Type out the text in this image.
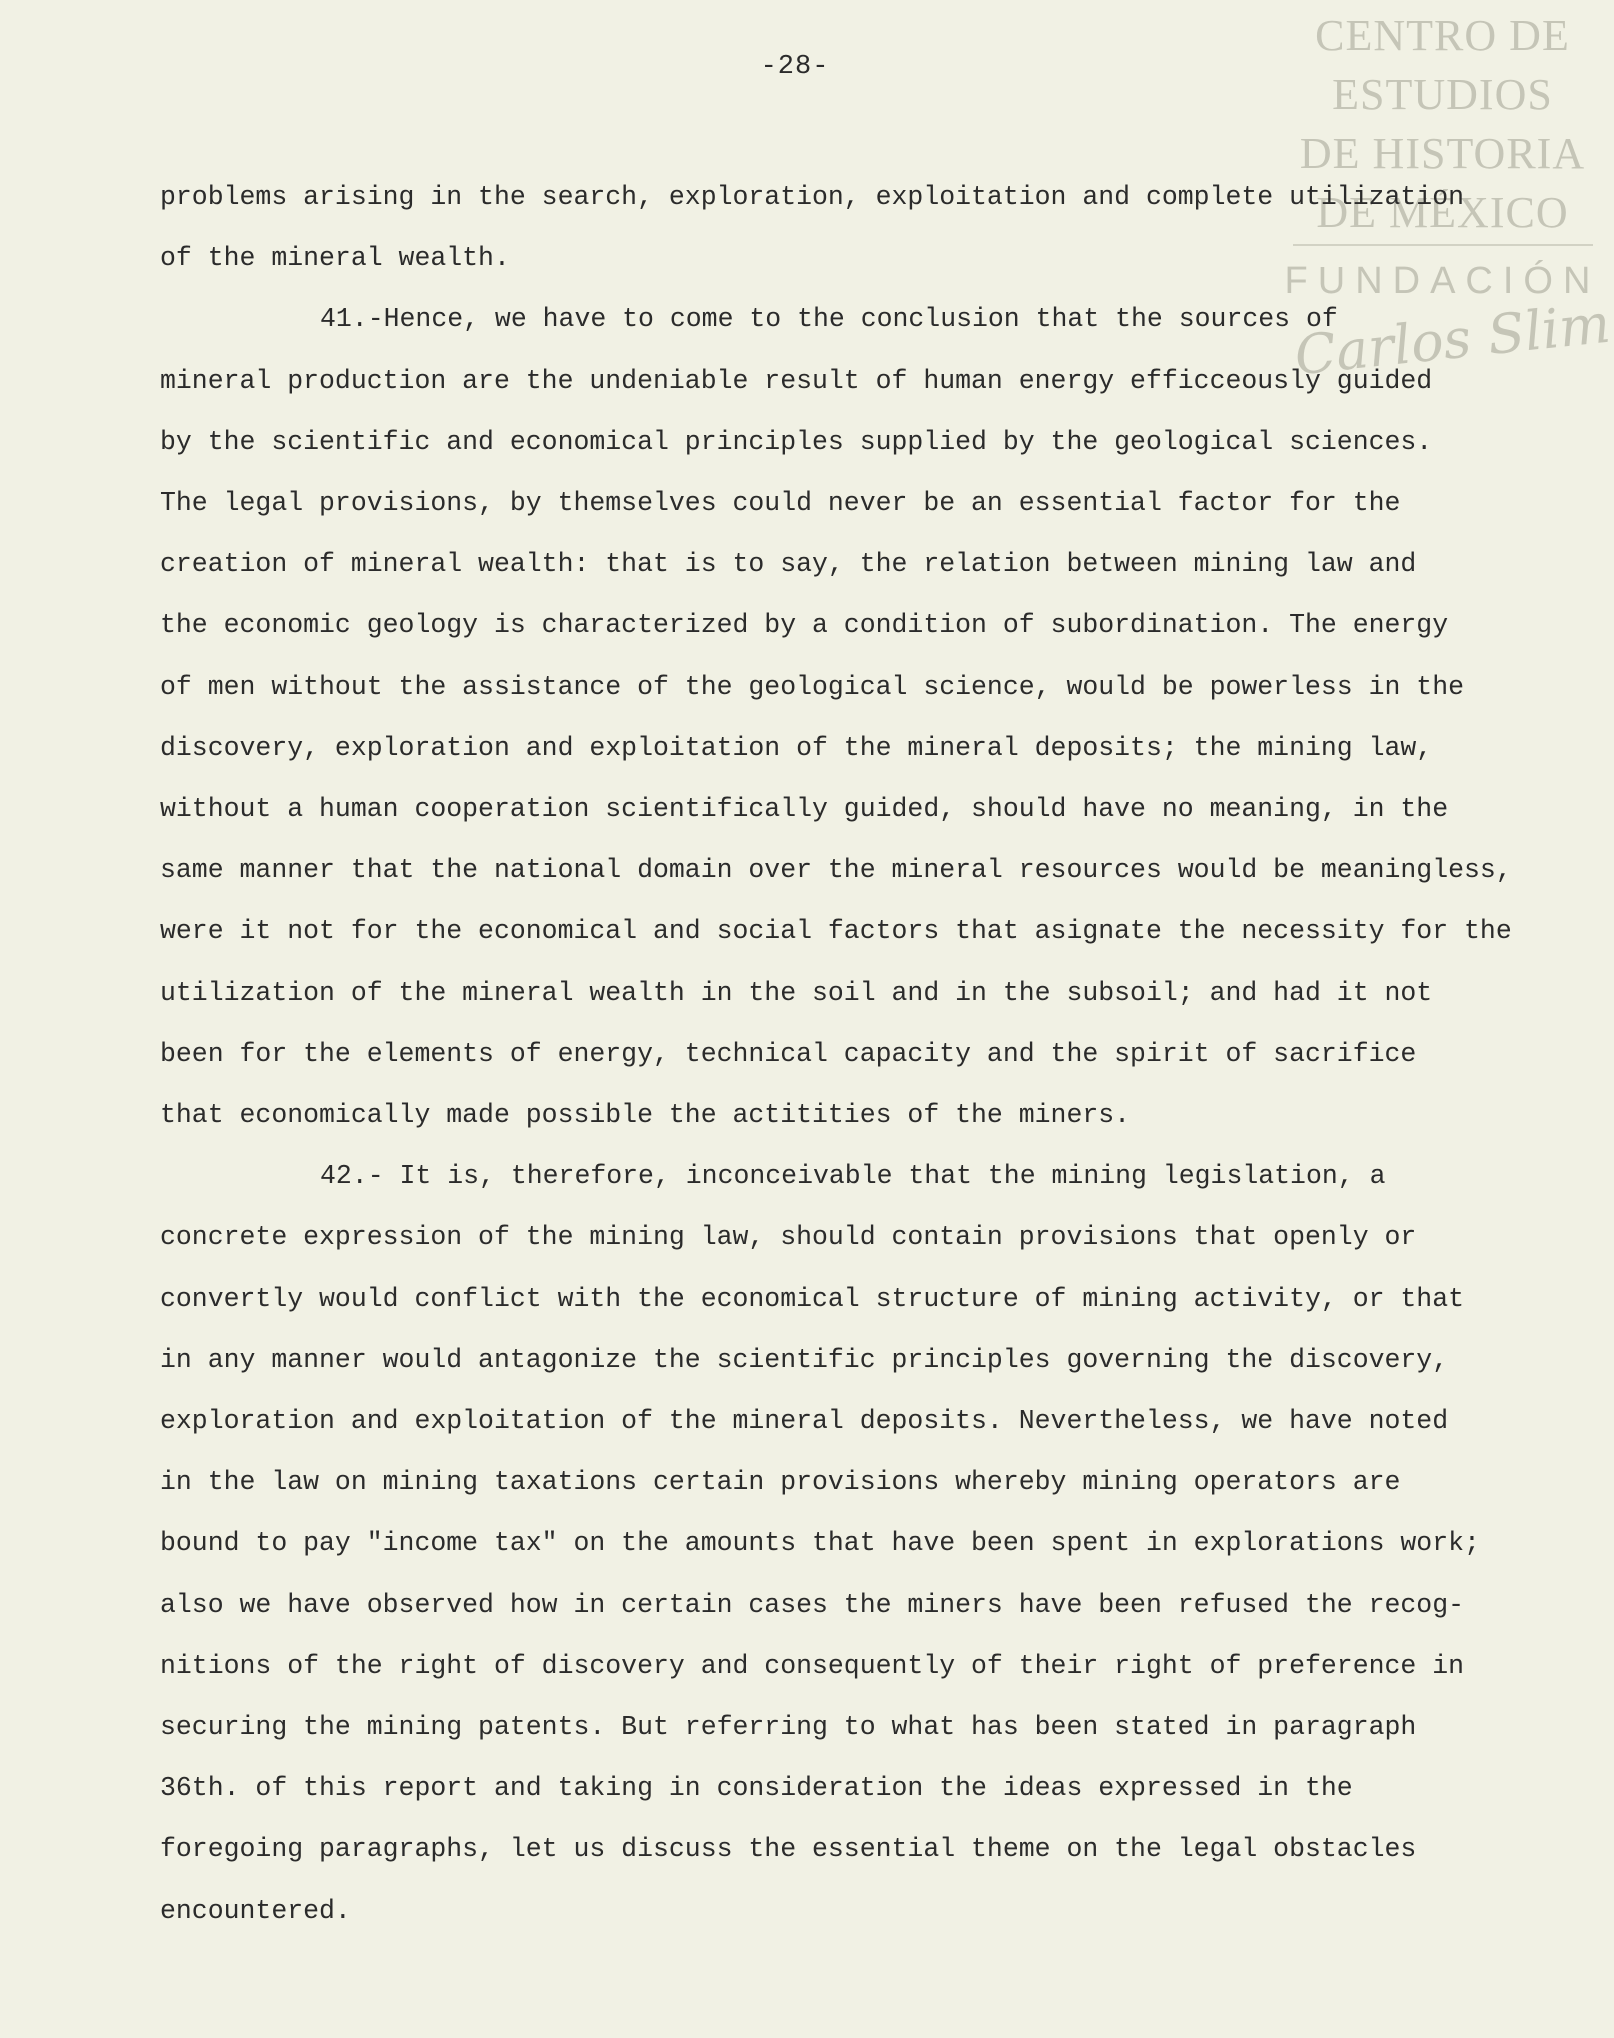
CENTRO DE
ESTUDIOS
DE HISTORIA
DE MÉXICO
FUNDACIÓN
Carlos Slim
-28-
problems arising in the search, exploration, exploitation and complete utilization
of the mineral wealth.
41.-Hence, we have to come to the conclusion that the sources of
mineral production are the undeniable result of human energy efficceously guided
by the scientific and economical principles supplied by the geological sciences.
The legal provisions, by themselves could never be an essential factor for the
creation of mineral wealth: that is to say, the relation between mining law and
the economic geology is characterized by a condition of subordination. The energy
of men without the assistance of the geological science, would be powerless in the
discovery, exploration and exploitation of the mineral deposits; the mining law,
without a human cooperation scientifically guided, should have no meaning, in the
same manner that the national domain over the mineral resources would be meaningless,
were it not for the economical and social factors that asignate the necessity for the
utilization of the mineral wealth in the soil and in the subsoil; and had it not
been for the elements of energy, technical capacity and the spirit of sacrifice
that economically made possible the actitities of the miners.
42.- It is, therefore, inconceivable that the mining legislation, a
concrete expression of the mining law, should contain provisions that openly or
convertly would conflict with the economical structure of mining activity, or that
in any manner would antagonize the scientific principles governing the discovery,
exploration and exploitation of the mineral deposits. Nevertheless, we have noted
in the law on mining taxations certain provisions whereby mining operators are
bound to pay "income tax" on the amounts that have been spent in explorations work;
also we have observed how in certain cases the miners have been refused the recog-
nitions of the right of discovery and consequently of their right of preference in
securing the mining patents. But referring to what has been stated in paragraph
36th. of this report and taking in consideration the ideas expressed in the
foregoing paragraphs, let us discuss the essential theme on the legal obstacles
encountered.
